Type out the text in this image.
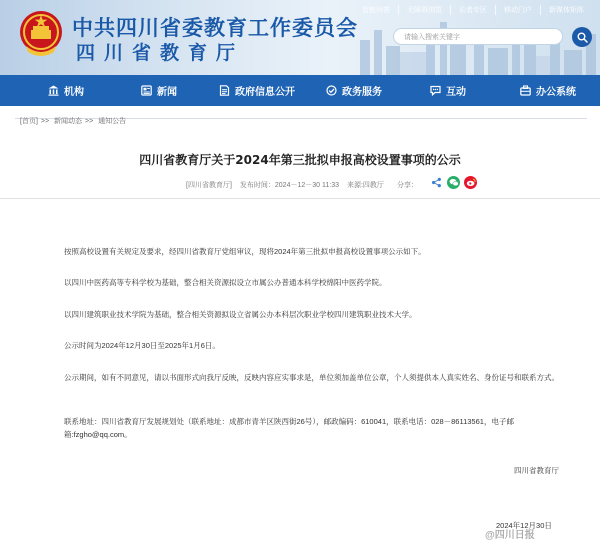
中共四川省委教育工作委员会
四川省教育厅
智能问答	无障碍浏览	长者专区	移动门户	新媒体矩阵
请输入搜索关键字
机构	新闻	政府信息公开	政务服务	互动	办公系统
[首页] >> 新闻动态 >> 通知公告
四川省教育厅关于2024年第三批拟申报高校设置事项的公示
[四川省教育厅] 发布时间：2024－12－30 11:33 来源:四教厅 分享：
按照高校设置有关规定及要求，经四川省教育厅党组审议，现将2024年第三批拟申报高校设置事项公示如下。
以四川中医药高等专科学校为基础，整合相关资源拟设立市属公办普通本科学校绵阳中医药学院。
以四川建筑职业技术学院为基础，整合相关资源拟设立省属公办本科层次职业学校四川建筑职业技术大学。
公示时间为2024年12月30日至2025年1月6日。
公示期间，如有不同意见，请以书面形式向我厅反映，反映内容应实事求是，单位须加盖单位公章，个人须提供本人真实姓名、身份证号和联系方式。
联系地址：四川省教育厅发展规划处（联系地址：成都市青羊区陕西街26号），邮政编码：610041，联系电话：028－86113561，电子邮箱:fzgho@qq.com。
四川省教育厅
2024年12月30日
@四川日报
